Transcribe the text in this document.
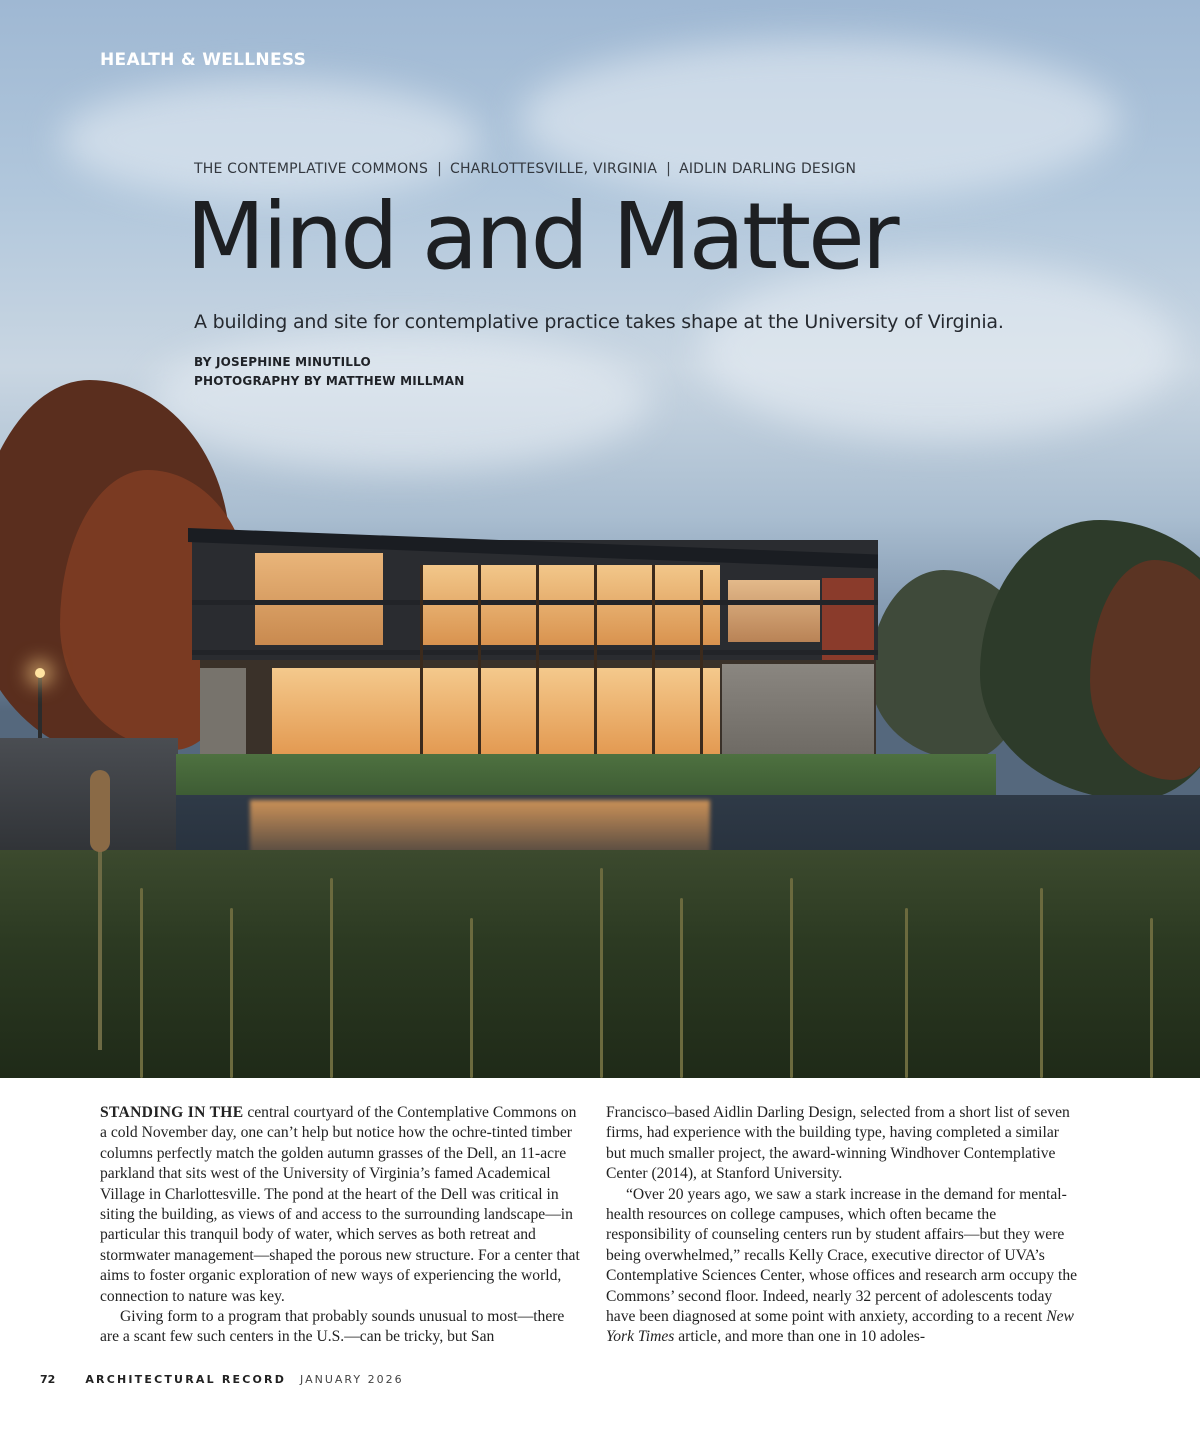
HEALTH & WELLNESS
THE CONTEMPLATIVE COMMONS | CHARLOTTESVILLE, VIRGINIA | AIDLIN DARLING DESIGN
Mind and Matter
A building and site for contemplative practice takes shape at the University of Virginia.
BY JOSEPHINE MINUTILLO
PHOTOGRAPHY BY MATTHEW MILLMAN

STANDING IN THE central courtyard of the Contemplative Commons on a cold November day, one can’t help but notice how the ochre-tinted timber columns perfectly match the golden autumn grasses of the Dell, an 11-acre parkland that sits west of the University of Virginia’s famed Academical Village in Charlottesville. The pond at the heart of the Dell was critical in siting the building, as views of and access to the surrounding landscape—in particular this tranquil body of water, which serves as both retreat and stormwater management—shaped the porous new structure. For a center that aims to foster organic exploration of new ways of experiencing the world, connection to nature was key.

Giving form to a program that probably sounds unusual to most—there are a scant few such centers in the U.S.—can be tricky, but San

Francisco–based Aidlin Darling Design, selected from a short list of seven firms, had experience with the building type, having completed a similar but much smaller project, the award-winning Windhover Contemplative Center (2014), at Stanford University.

“Over 20 years ago, we saw a stark increase in the demand for mental-health resources on college campuses, which often became the responsibility of counseling centers run by student affairs—but they were being overwhelmed,” recalls Kelly Crace, executive director of UVA’s Contemplative Sciences Center, whose offices and research arm occupy the Commons’ second floor. Indeed, nearly 32 percent of adolescents today have been diagnosed at some point with anxiety, according to a recent New York Times article, and more than one in 10 adoles-

72	ARCHITECTURAL RECORD JANUARY 2026
